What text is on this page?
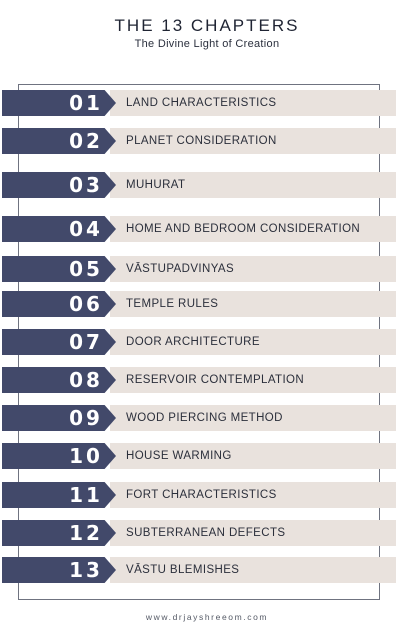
THE 13 CHAPTERS
The Divine Light of Creation
01	LAND CHARACTERISTICS
02	PLANET CONSIDERATION
03	MUHURAT
04	HOME AND BEDROOM CONSIDERATION
05	VĀSTUPADVINYAS
06	TEMPLE RULES
07	DOOR ARCHITECTURE
08	RESERVOIR CONTEMPLATION
09	WOOD PIERCING METHOD
10	HOUSE WARMING
11	FORT CHARACTERISTICS
12	SUBTERRANEAN DEFECTS
13	VĀSTU BLEMISHES
www.drjayshreeom.com
